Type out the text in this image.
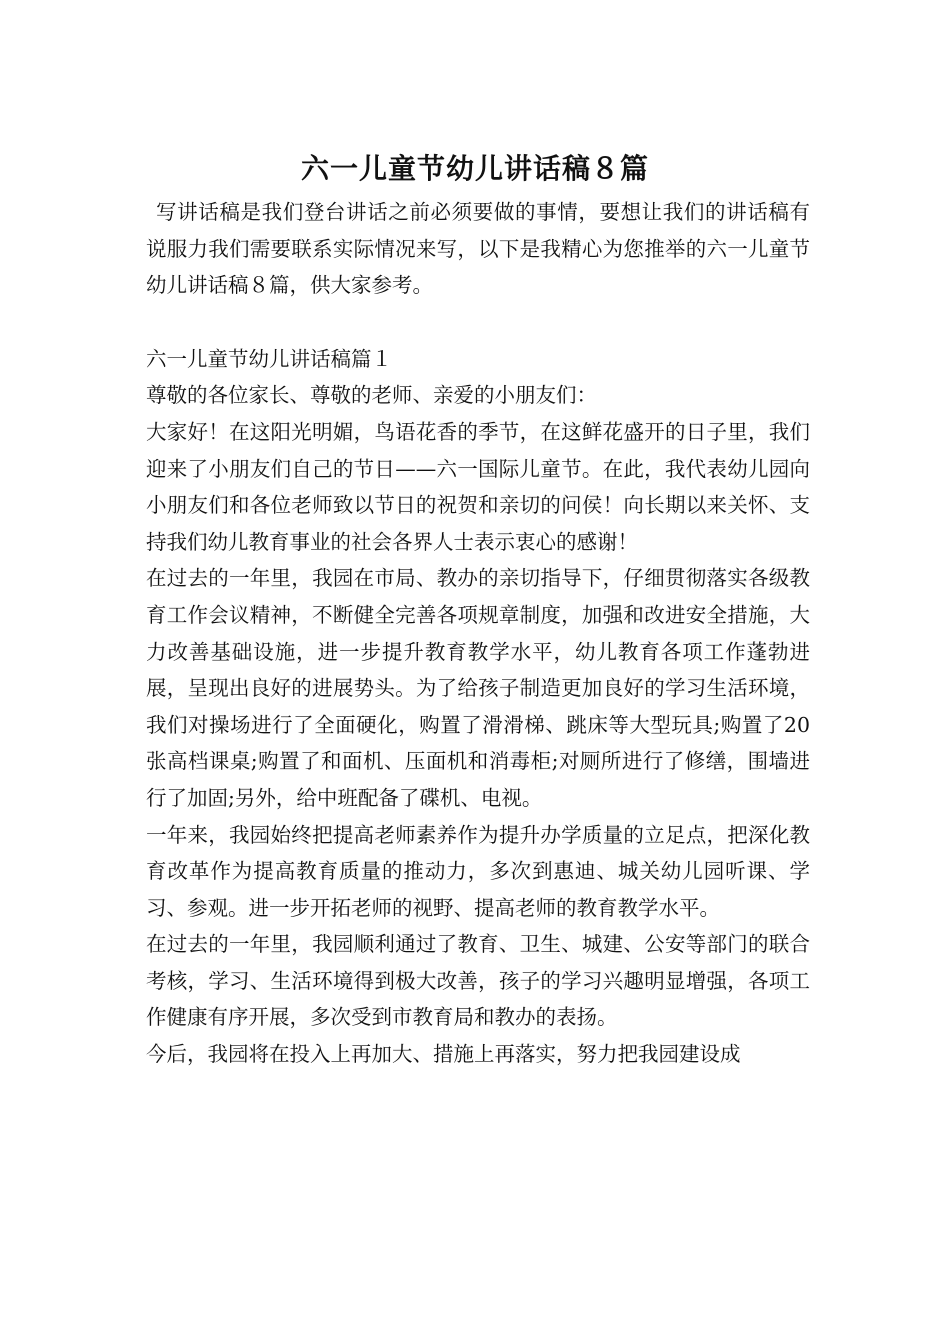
六一儿童节幼儿讲话稿８篇

写讲话稿是我们登台讲话之前必须要做的事情，要想让我们的讲话稿有说服力我们需要联系实际情况来写，以下是我精心为您推举的六一儿童节幼儿讲话稿８篇，供大家参考。

六一儿童节幼儿讲话稿篇１

尊敬的各位家长、尊敬的老师、亲爱的小朋友们：

大家好！在这阳光明媚，鸟语花香的季节，在这鲜花盛开的日子里，我们迎来了小朋友们自己的节日——六一国际儿童节。在此，我代表幼儿园向小朋友们和各位老师致以节日的祝贺和亲切的问侯！向长期以来关怀、支持我们幼儿教育事业的社会各界人士表示衷心的感谢！

在过去的一年里，我园在市局、教办的亲切指导下，仔细贯彻落实各级教育工作会议精神，不断健全完善各项规章制度，加强和改进安全措施，大力改善基础设施，进一步提升教育教学水平，幼儿教育各项工作蓬勃进展，呈现出良好的进展势头。为了给孩子制造更加良好的学习生活环境，我们对操场进行了全面硬化，购置了滑滑梯、跳床等大型玩具;购置了20张高档课桌;购置了和面机、压面机和消毒柜;对厕所进行了修缮，围墙进行了加固;另外，给中班配备了碟机、电视。

一年来，我园始终把提高老师素养作为提升办学质量的立足点，把深化教育改革作为提高教育质量的推动力，多次到惠迪、城关幼儿园听课、学习、参观。进一步开拓老师的视野、提高老师的教育教学水平。

在过去的一年里，我园顺利通过了教育、卫生、城建、公安等部门的联合考核，学习、生活环境得到极大改善，孩子的学习兴趣明显增强，各项工作健康有序开展，多次受到市教育局和教办的表扬。

今后，我园将在投入上再加大、措施上再落实，努力把我园建设成
